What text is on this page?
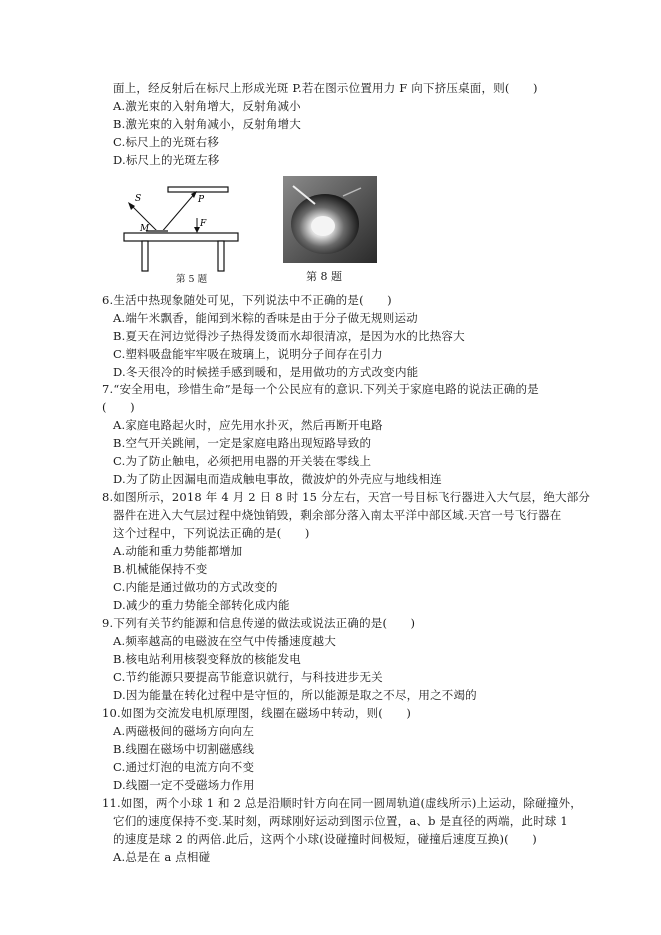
面上，经反射后在标尺上形成光斑 P.若在图示位置用力 F 向下挤压桌面，则(　　)
A.激光束的入射角增大，反射角减小
B.激光束的入射角减小，反射角增大
C.标尺上的光斑右移
D.标尺上的光斑左移
S	P
M	F
第 5 题	第 8 题
6.生活中热现象随处可见，下列说法中不正确的是(　　)
A.端午米飘香，能闻到米粽的香味是由于分子做无规则运动
B.夏天在河边觉得沙子热得发烫而水却很清凉，是因为水的比热容大
C.塑料吸盘能牢牢吸在玻璃上，说明分子间存在引力
D.冬天很冷的时候搓手感到暖和，是用做功的方式改变内能
7.“安全用电，珍惜生命”是每一个公民应有的意识.下列关于家庭电路的说法正确的是
(　　)
A.家庭电路起火时，应先用水扑灭，然后再断开电路
B.空气开关跳闸，一定是家庭电路出现短路导致的
C.为了防止触电，必须把用电器的开关装在零线上
D.为了防止因漏电而造成触电事故，微波炉的外壳应与地线相连
8.如图所示，2018 年 4 月 2 日 8 时 15 分左右，天宫一号目标飞行器进入大气层，绝大部分
器件在进入大气层过程中烧蚀销毁，剩余部分落入南太平洋中部区域.天宫一号飞行器在
这个过程中，下列说法正确的是(　　)
A.动能和重力势能都增加
B.机械能保持不变
C.内能是通过做功的方式改变的
D.减少的重力势能全部转化成内能
9.下列有关节约能源和信息传递的做法或说法正确的是(　　)
A.频率越高的电磁波在空气中传播速度越大
B.核电站利用核裂变释放的核能发电
C.节约能源只要提高节能意识就行，与科技进步无关
D.因为能量在转化过程中是守恒的，所以能源是取之不尽，用之不竭的
10.如图为交流发电机原理图，线圈在磁场中转动，则(　　)
A.两磁极间的磁场方向向左
B.线圈在磁场中切割磁感线
C.通过灯泡的电流方向不变
D.线圈一定不受磁场力作用
11.如图，两个小球 1 和 2 总是沿顺时针方向在同一圆周轨道(虚线所示)上运动，除碰撞外，
它们的速度保持不变.某时刻，两球刚好运动到图示位置，a、b 是直径的两端，此时球 1
的速度是球 2 的两倍.此后，这两个小球(设碰撞时间极短，碰撞后速度互换)(　　)
A.总是在 a 点相碰
